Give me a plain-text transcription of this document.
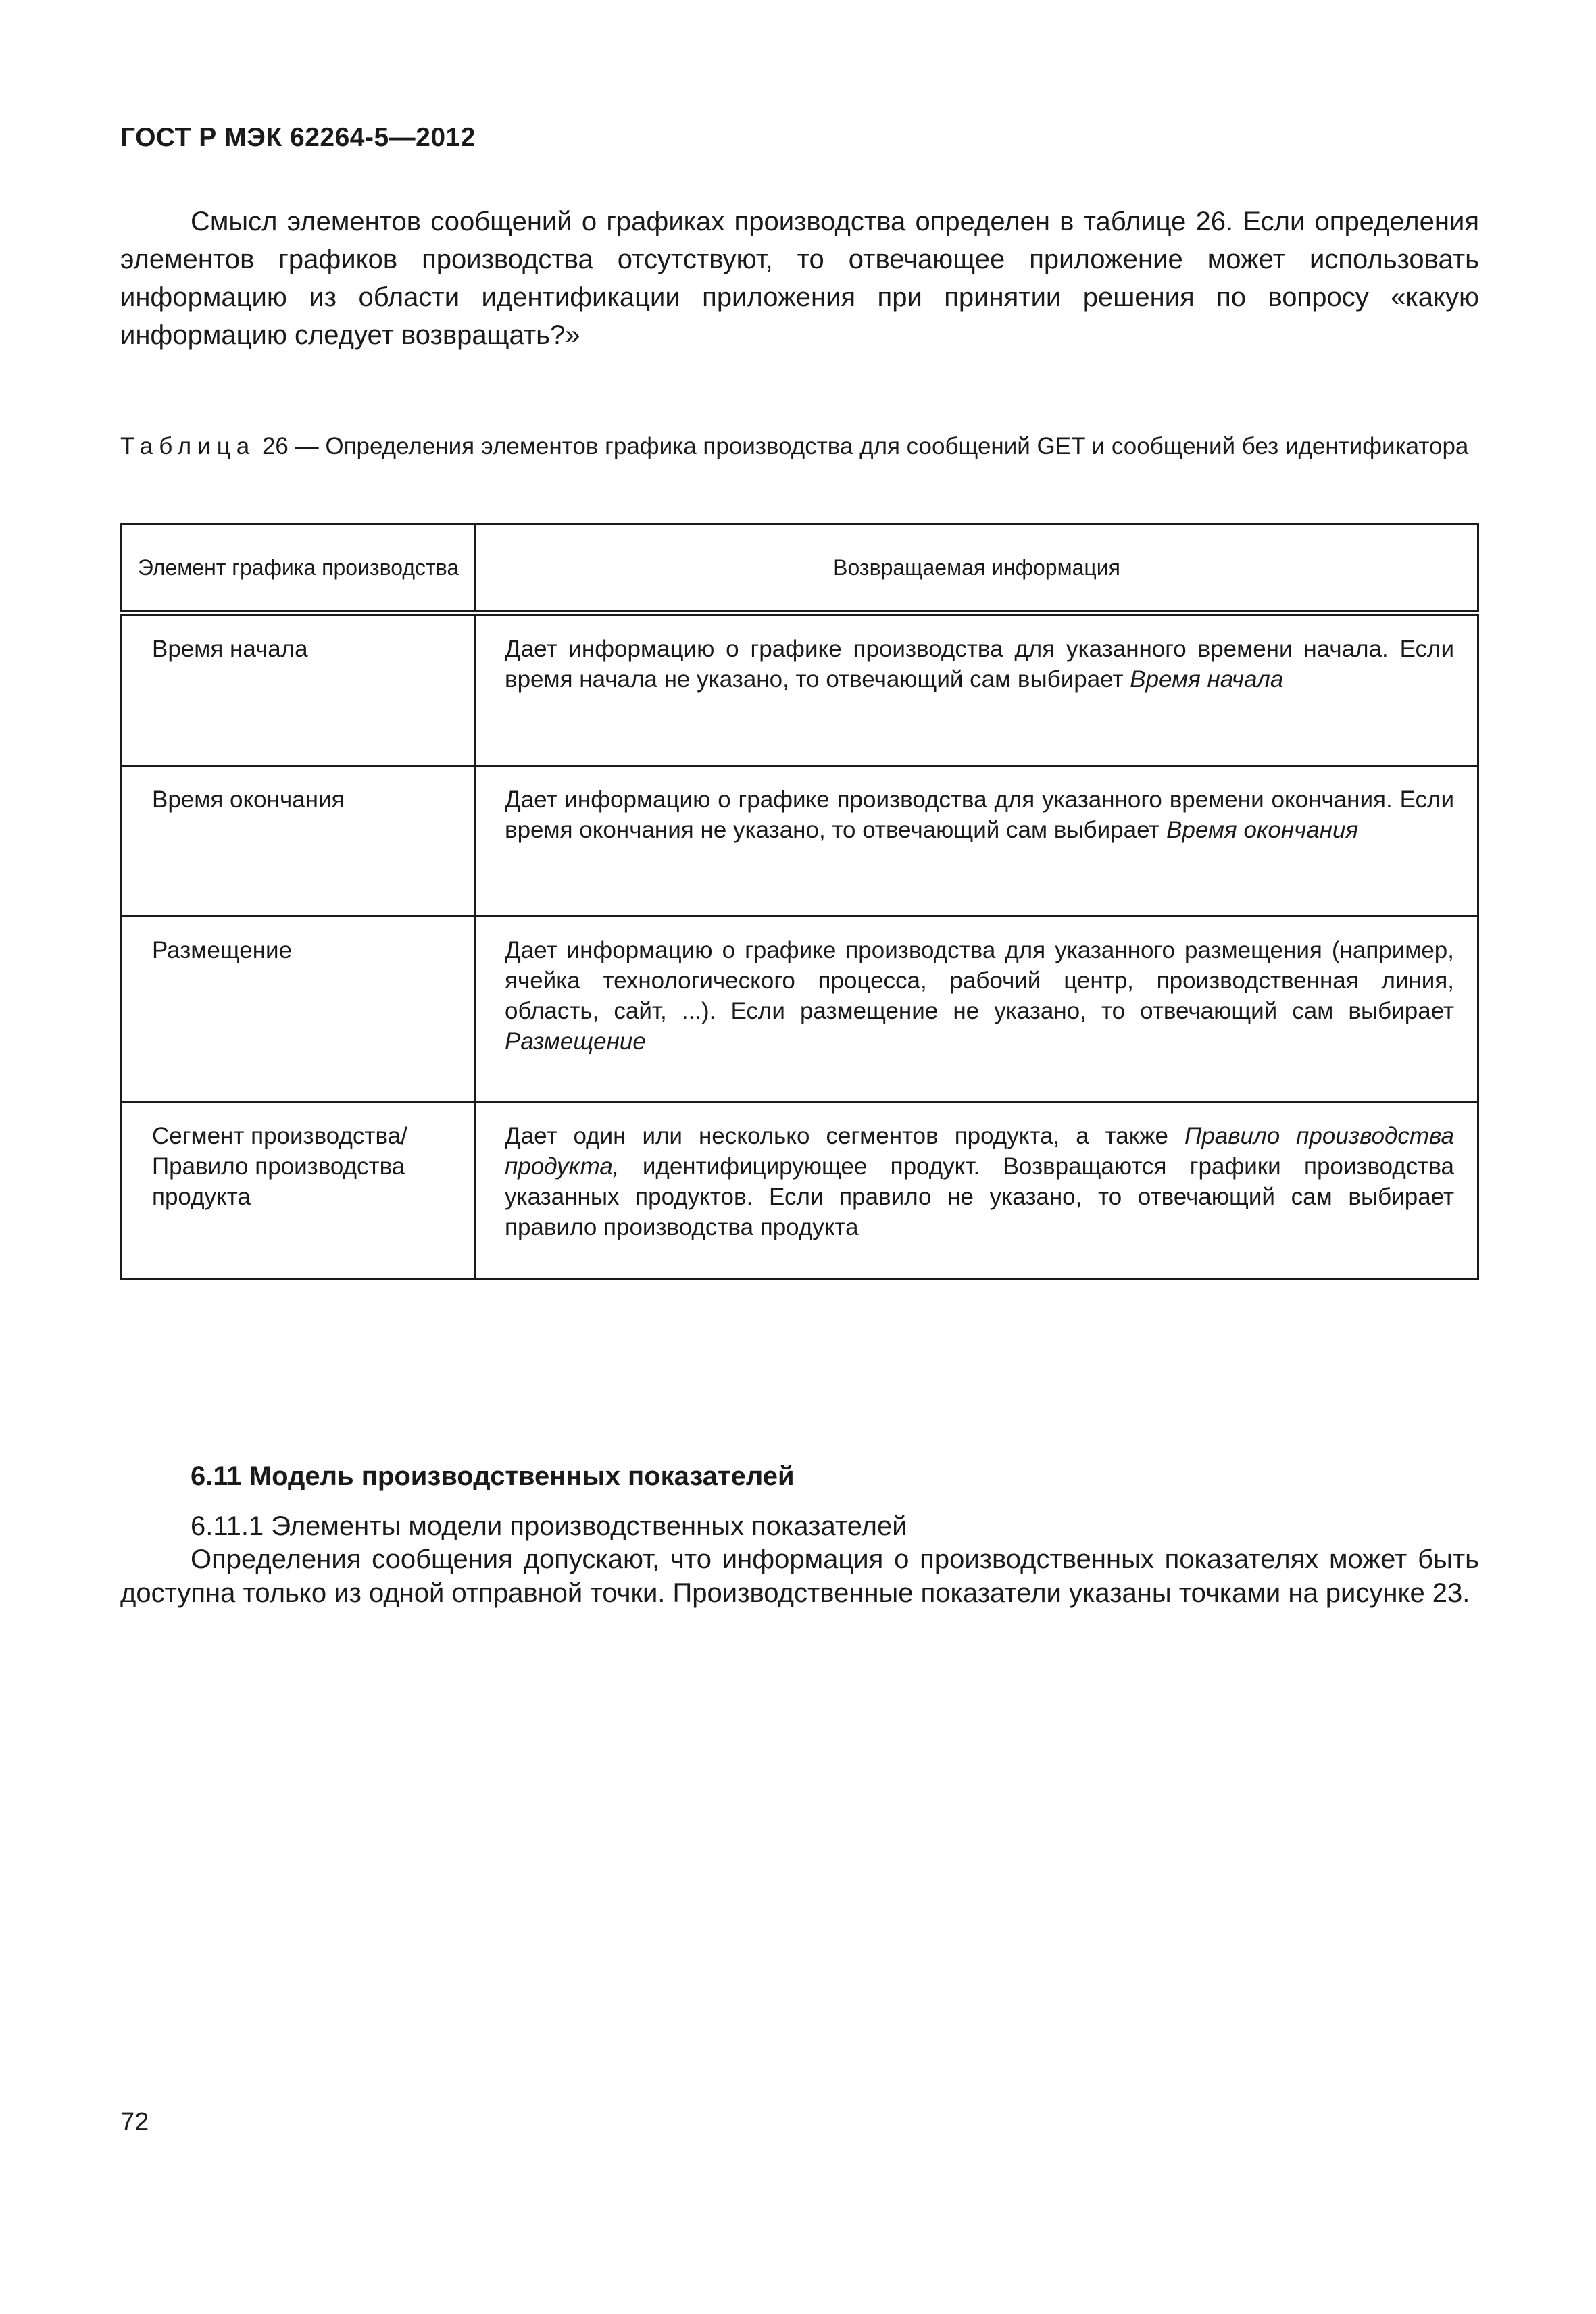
ГОСТ Р МЭК 62264-5—2012

Смысл элементов сообщений о графиках производства определен в таблице 26. Если определения элементов графиков производства отсутствуют, то отвечающее приложение может использовать информацию из области идентификации приложения при принятии решения по вопросу «какую информацию следует возвращать?»

Таблица 26 — Определения элементов графика производства для сообщений GET и сообщений без идентификатора

Элемент графика производства	Возвращаемая информация
Время начала	Дает информацию о графике производства для указанного времени начала. Если время начала не указано, то отвечающий сам выбирает Время начала
Время окончания	Дает информацию о графике производства для указанного времени окончания. Если время окончания не указано, то отвечающий сам выбирает Время окончания
Размещение	Дает информацию о графике производства для указанного размещения (например, ячейка технологического процесса, рабочий центр, производственная линия, область, сайт, ...). Если размещение не указано, то отвечающий сам выбирает Размещение
Сегмент производства/ Правило производства продукта	Дает один или несколько сегментов продукта, а также Правило производства продукта, идентифицирующее продукт. Возвращаются графики производства указанных продуктов. Если правило не указано, то отвечающий сам выбирает правило производства продукта
6.11 Модель производственных показателей

6.11.1 Элементы модели производственных показателей

Определения сообщения допускают, что информация о производственных показателях может быть доступна только из одной отправной точки. Производственные показатели указаны точками на рисунке 23.

72
